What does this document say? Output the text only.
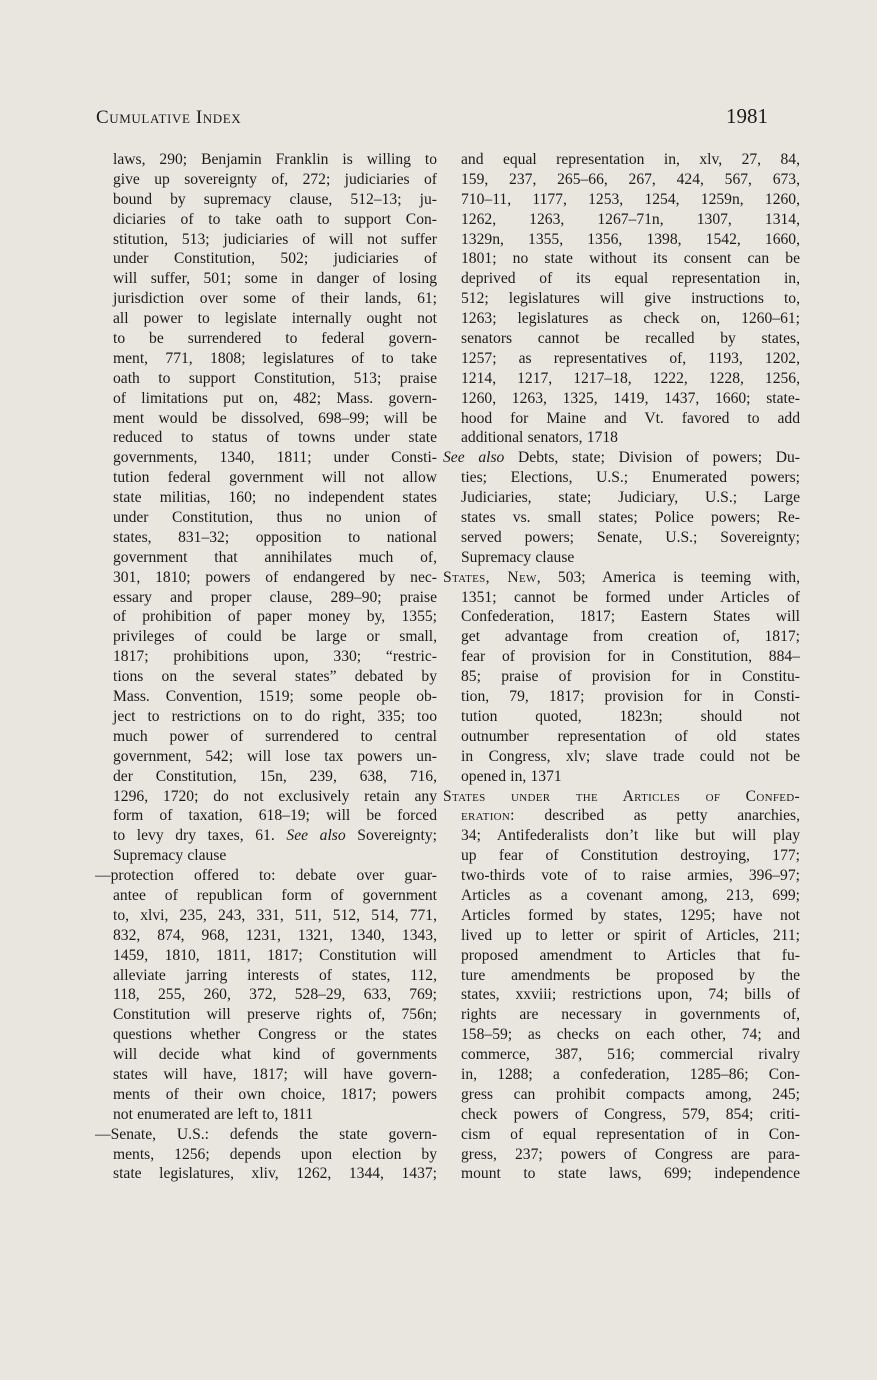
Cumulative Index	1981
laws, 290; Benjamin Franklin is willing to
give up sovereignty of, 272; judiciaries of
bound by supremacy clause, 512–13; ju-
diciaries of to take oath to support Con-
stitution, 513; judiciaries of will not suffer
under Constitution, 502; judiciaries of
will suffer, 501; some in danger of losing
jurisdiction over some of their lands, 61;
all power to legislate internally ought not
to be surrendered to federal govern-
ment, 771, 1808; legislatures of to take
oath to support Constitution, 513; praise
of limitations put on, 482; Mass. govern-
ment would be dissolved, 698–99; will be
reduced to status of towns under state
governments, 1340, 1811; under Consti-
tution federal government will not allow
state militias, 160; no independent states
under Constitution, thus no union of
states, 831–32; opposition to national
government that annihilates much of,
301, 1810; powers of endangered by nec-
essary and proper clause, 289–90; praise
of prohibition of paper money by, 1355;
privileges of could be large or small,
1817; prohibitions upon, 330; “restric-
tions on the several states” debated by
Mass. Convention, 1519; some people ob-
ject to restrictions on to do right, 335; too
much power of surrendered to central
government, 542; will lose tax powers un-
der Constitution, 15n, 239, 638, 716,
1296, 1720; do not exclusively retain any
form of taxation, 618–19; will be forced
to levy dry taxes, 61. See also Sovereignty;
Supremacy clause
—protection offered to: debate over guar-
antee of republican form of government
to, xlvi, 235, 243, 331, 511, 512, 514, 771,
832, 874, 968, 1231, 1321, 1340, 1343,
1459, 1810, 1811, 1817; Constitution will
alleviate jarring interests of states, 112,
118, 255, 260, 372, 528–29, 633, 769;
Constitution will preserve rights of, 756n;
questions whether Congress or the states
will decide what kind of governments
states will have, 1817; will have govern-
ments of their own choice, 1817; powers
not enumerated are left to, 1811
—Senate, U.S.: defends the state govern-
ments, 1256; depends upon election by
state legislatures, xliv, 1262, 1344, 1437;
and equal representation in, xlv, 27, 84,
159, 237, 265–66, 267, 424, 567, 673,
710–11, 1177, 1253, 1254, 1259n, 1260,
1262, 1263, 1267–71n, 1307, 1314,
1329n, 1355, 1356, 1398, 1542, 1660,
1801; no state without its consent can be
deprived of its equal representation in,
512; legislatures will give instructions to,
1263; legislatures as check on, 1260–61;
senators cannot be recalled by states,
1257; as representatives of, 1193, 1202,
1214, 1217, 1217–18, 1222, 1228, 1256,
1260, 1263, 1325, 1419, 1437, 1660; state-
hood for Maine and Vt. favored to add
additional senators, 1718
See also Debts, state; Division of powers; Du-
ties; Elections, U.S.; Enumerated powers;
Judiciaries, state; Judiciary, U.S.; Large
states vs. small states; Police powers; Re-
served powers; Senate, U.S.; Sovereignty;
Supremacy clause
States, New, 503; America is teeming with,
1351; cannot be formed under Articles of
Confederation, 1817; Eastern States will
get advantage from creation of, 1817;
fear of provision for in Constitution, 884–
85; praise of provision for in Constitu-
tion, 79, 1817; provision for in Consti-
tution quoted, 1823n; should not
outnumber representation of old states
in Congress, xlv; slave trade could not be
opened in, 1371
States under the Articles of Confed-
eration: described as petty anarchies,
34; Antifederalists don’t like but will play
up fear of Constitution destroying, 177;
two-thirds vote of to raise armies, 396–97;
Articles as a covenant among, 213, 699;
Articles formed by states, 1295; have not
lived up to letter or spirit of Articles, 211;
proposed amendment to Articles that fu-
ture amendments be proposed by the
states, xxviii; restrictions upon, 74; bills of
rights are necessary in governments of,
158–59; as checks on each other, 74; and
commerce, 387, 516; commercial rivalry
in, 1288; a confederation, 1285–86; Con-
gress can prohibit compacts among, 245;
check powers of Congress, 579, 854; criti-
cism of equal representation of in Con-
gress, 237; powers of Congress are para-
mount to state laws, 699; independence
